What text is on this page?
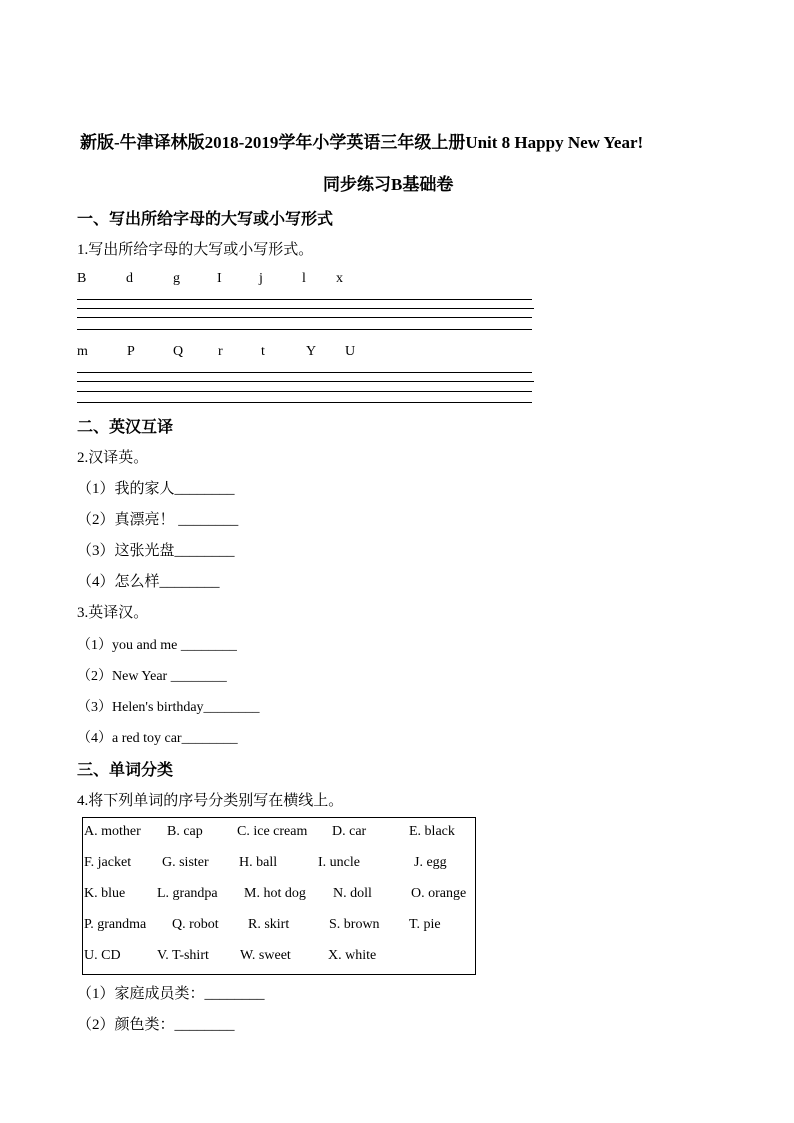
新版-牛津译林版2018-2019学年小学英语三年级上册Unit 8 Happy New Year!
同步练习B基础卷
一、写出所给字母的大写或小写形式
1.写出所给字母的大写或小写形式。
B	d	g	I	j	l x
m	P	Q r	t	Y U
二、英汉互译
2.汉译英。
（1）我的家人________
（2）真漂亮！ ________
（3）这张光盘________
（4）怎么样________
3.英译汉。
（1）you and me ________
（2）New Year ________
（3）Helen's birthday________
（4）a red toy car________
三、单词分类
4.将下列单词的序号分类别写在横线上。
A. mother B. cap C. ice cream D. car	E. black
F. jacket G. sister H. ball	I. uncle	J. egg
K. blue L. grandpa M. hot dog N. doll	O. orange
P. grandma Q. robot R. skirt	S. brown T. pie
U. CD	V. T-shirt W. sweet	X. white
（1）家庭成员类：________
（2）颜色类：________
